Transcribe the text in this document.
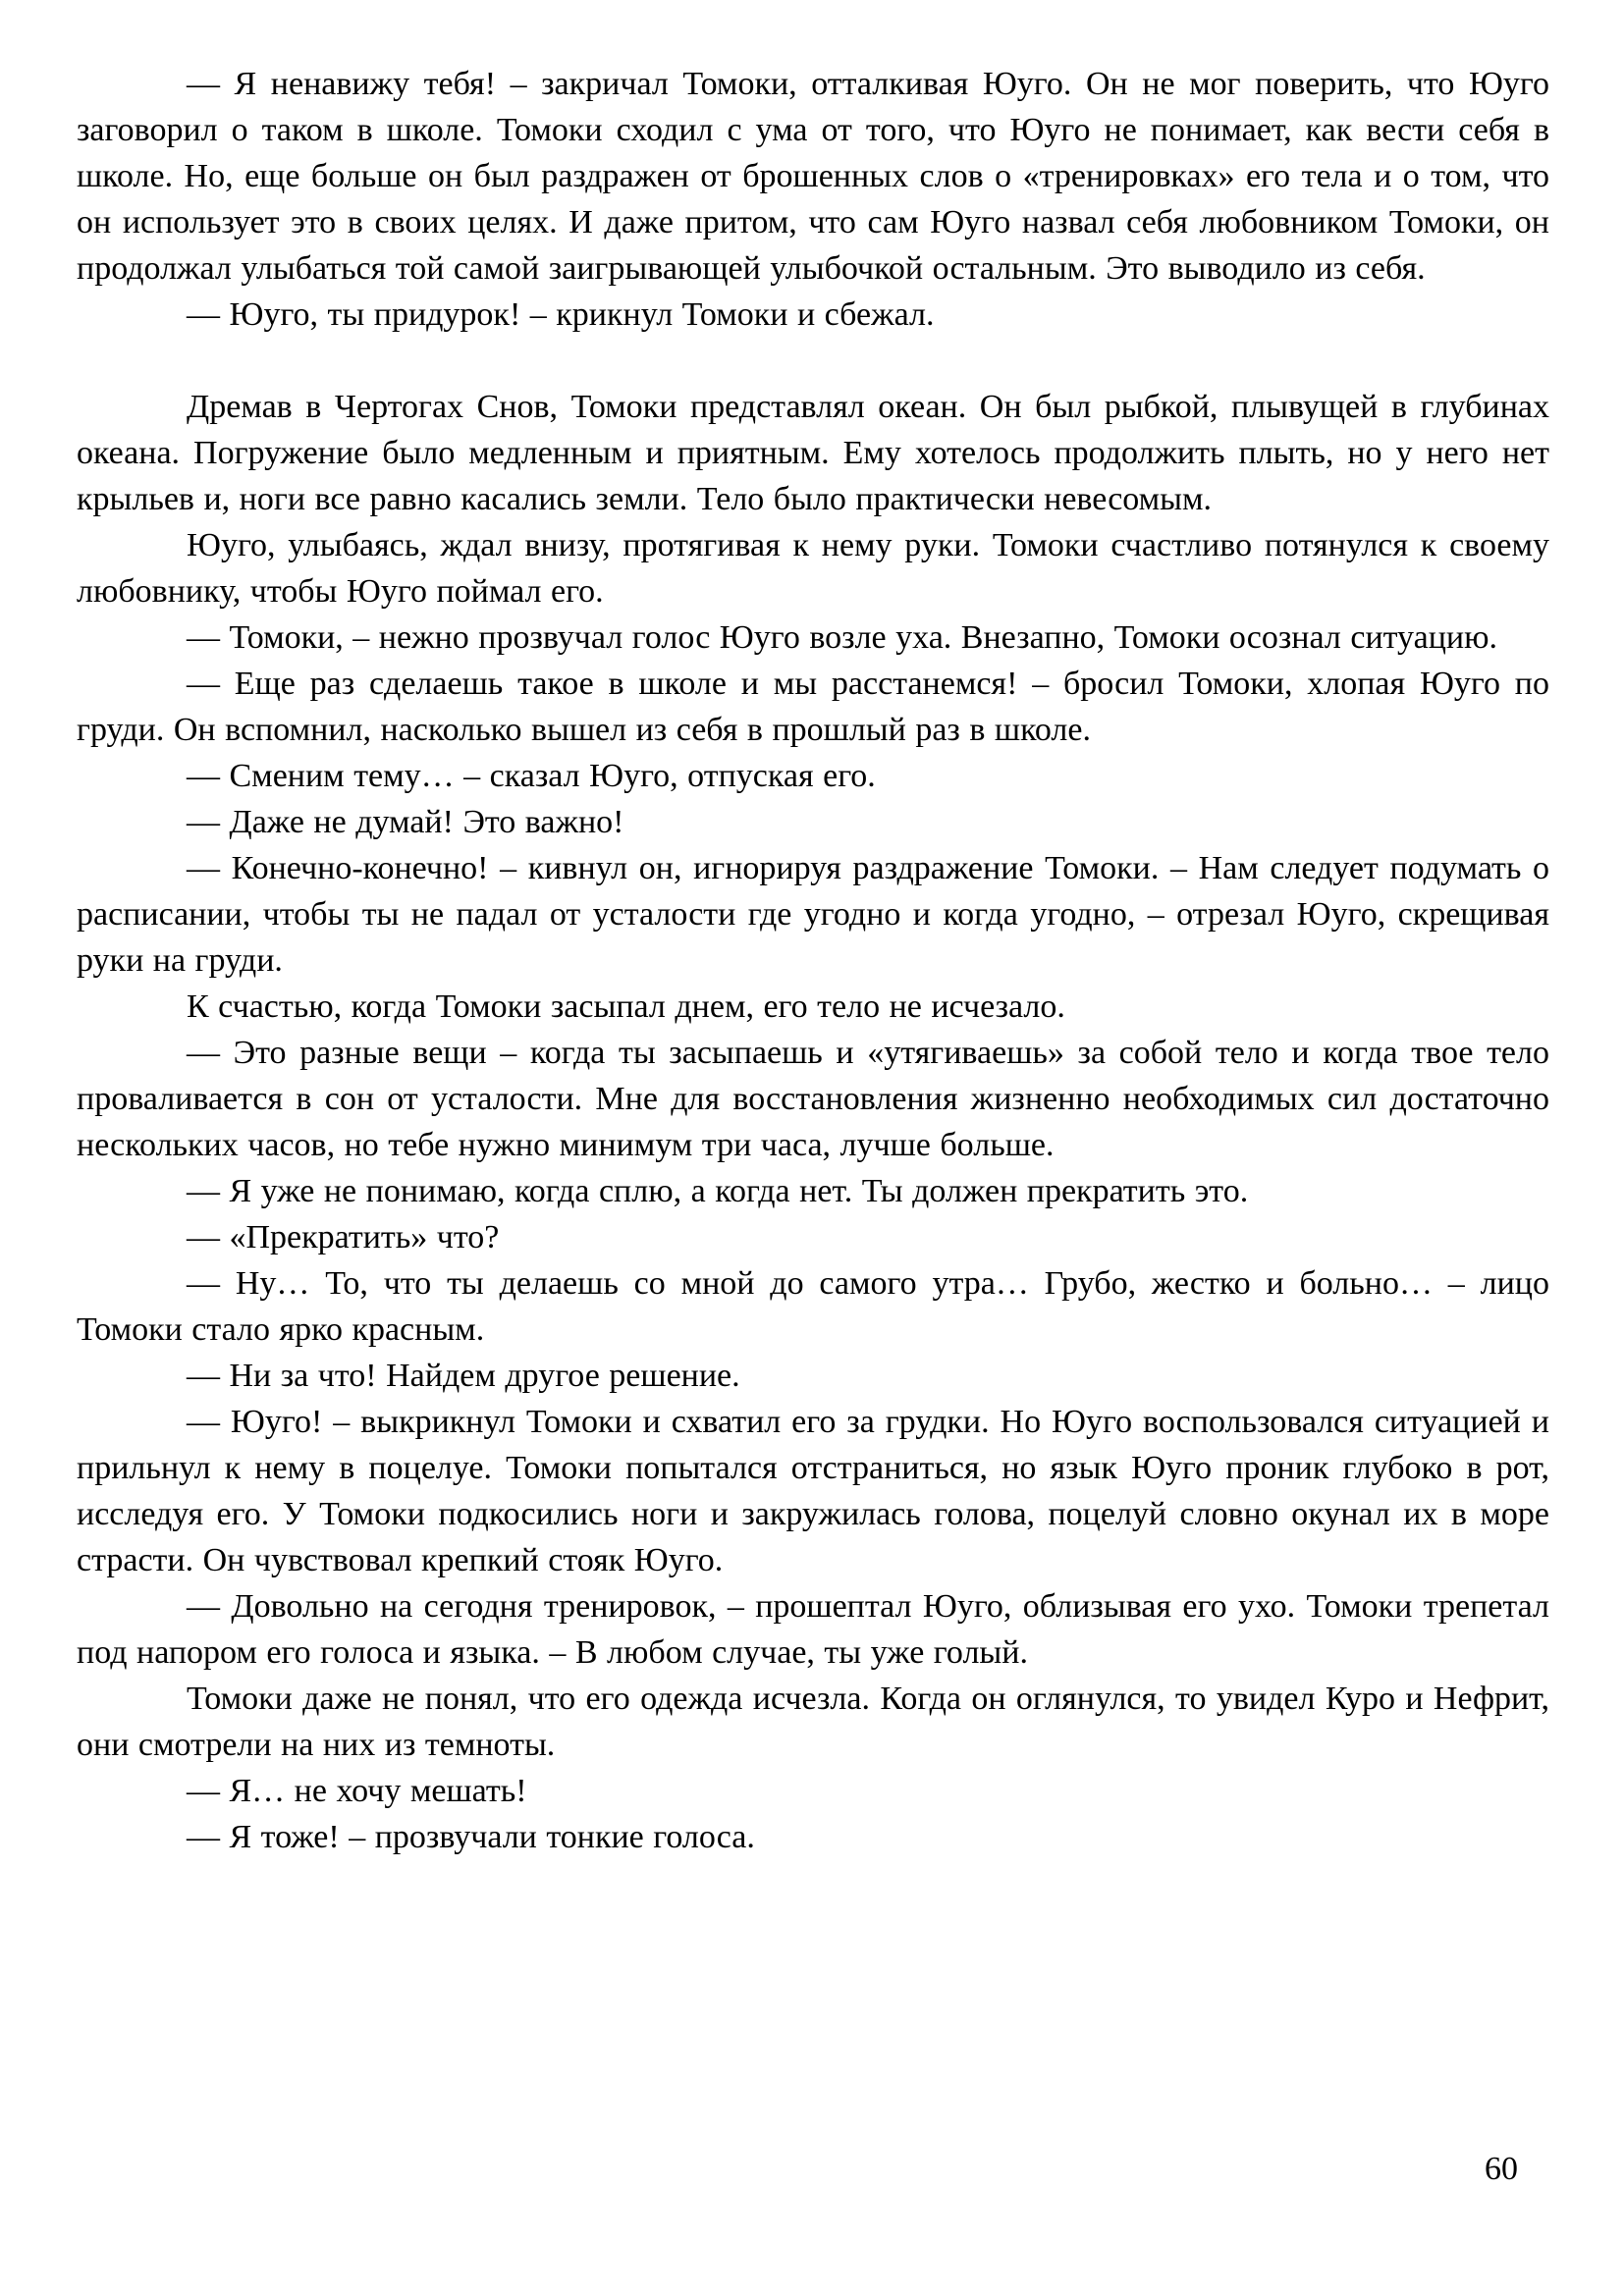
— Я ненавижу тебя! – закричал Томоки, отталкивая Юуго. Он не мог поверить, что Юуго заговорил о таком в школе. Томоки сходил с ума от того, что Юуго не понимает, как вести себя в школе. Но, еще больше он был раздражен от брошенных слов о «тренировках» его тела и о том, что он использует это в своих целях. И даже притом, что сам Юуго назвал себя любовником Томоки, он продолжал улыбаться той самой заигрывающей улыбочкой остальным. Это выводило из себя.

— Юуго, ты придурок! – крикнул Томоки и сбежал.

Дремав в Чертогах Снов, Томоки представлял океан. Он был рыбкой, плывущей в глубинах океана. Погружение было медленным и приятным. Ему хотелось продолжить плыть, но у него нет крыльев и, ноги все равно касались земли. Тело было практически невесомым.

Юуго, улыбаясь, ждал внизу, протягивая к нему руки. Томоки счастливо потянулся к своему любовнику, чтобы Юуго поймал его.

— Томоки, – нежно прозвучал голос Юуго возле уха. Внезапно, Томоки осознал ситуацию.

— Еще раз сделаешь такое в школе и мы расстанемся! – бросил Томоки, хлопая Юуго по груди. Он вспомнил, насколько вышел из себя в прошлый раз в школе.

— Сменим тему… – сказал Юуго, отпуская его.

— Даже не думай! Это важно!

— Конечно-конечно! – кивнул он, игнорируя раздражение Томоки. – Нам следует подумать о расписании, чтобы ты не падал от усталости где угодно и когда угодно, – отрезал Юуго, скрещивая руки на груди.

К счастью, когда Томоки засыпал днем, его тело не исчезало.

— Это разные вещи – когда ты засыпаешь и «утягиваешь» за собой тело и когда твое тело проваливается в сон от усталости. Мне для восстановления жизненно необходимых сил достаточно нескольких часов, но тебе нужно минимум три часа, лучше больше.

— Я уже не понимаю, когда сплю, а когда нет. Ты должен прекратить это.

— «Прекратить» что?

— Ну… То, что ты делаешь со мной до самого утра… Грубо, жестко и больно… – лицо Томоки стало ярко красным.

— Ни за что! Найдем другое решение.

— Юуго! – выкрикнул Томоки и схватил его за грудки. Но Юуго воспользовался ситуацией и прильнул к нему в поцелуе. Томоки попытался отстраниться, но язык Юуго проник глубоко в рот, исследуя его. У Томоки подкосились ноги и закружилась голова, поцелуй словно окунал их в море страсти. Он чувствовал крепкий стояк Юуго.

— Довольно на сегодня тренировок, – прошептал Юуго, облизывая его ухо. Томоки трепетал под напором его голоса и языка. – В любом случае, ты уже голый.

Томоки даже не понял, что его одежда исчезла. Когда он оглянулся, то увидел Куро и Нефрит, они смотрели на них из темноты.

— Я… не хочу мешать!

— Я тоже! – прозвучали тонкие голоса.

60
